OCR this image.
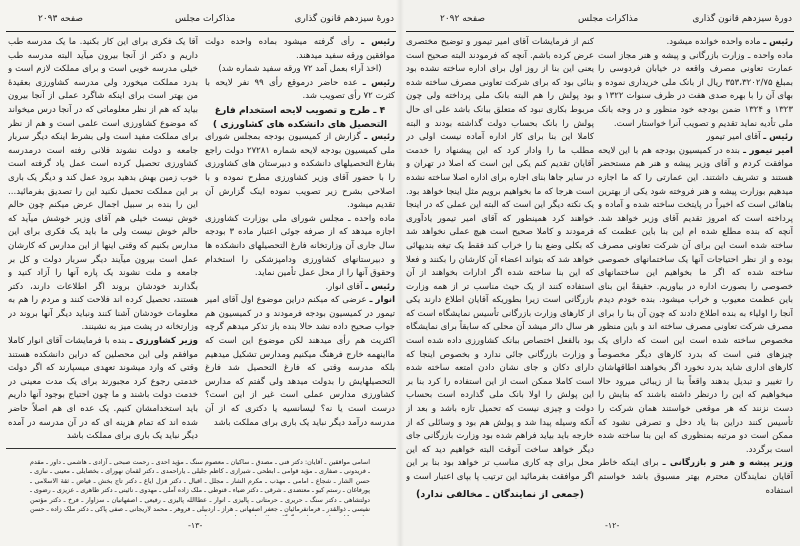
دورهٔ سیزدهم قانون گذاری
مذاکرات مجلس
صفحه ۲۰۹۳

رئیس ـ رأی گرفته میشود بماده واحده دولت موافقین ورقه سفید میدهند.

(اخذ آراء بعمل آمد ۷۲ ورقه سفید شماره شد)

رئیس ـ عده حاضر درموقع رأی ۹۹ نفر لایحه با کثرت ۷۲ رأی تصویب شد.

۴ ـ طرح و تصویب لایحه استخدام فارغ التحصیل های دانشکده های کشاورزی )

رئیس ـ گزارش از کمیسیون بودجه بمجلس شورای ملی کمیسیون بودجه لایحه شماره ۲۷۲۸۱ دولت راجع بفارغ التحصیلهای دانشکده و دبیرستان های کشاورزی را با حضور آقای وزیر کشاورزی مطرح نموده و با اصلاحی بشرح زیر تصویب نموده اینک گزارش آن تقدیم میشود.

ماده واحده ـ مجلس شورای ملی بوزارت کشاورزی اجازه میدهد که از صرفه جوئی اعتبار ماده ۳ بودجه سال جاری آن وزارتخانه فارغ التحصیلهای دانشکده ها و دبیرستانهای کشاورزی ودامپزشکی را استخدام وحقوق آنها را از محل عمل تأمین نماید.

رئیس ـ آقای انوار.

انوار ـ عرضی که میکنم دراین موضوع اول آقای امیر تیمور در کمیسیون بودجه فرمودند و در کمیسیون هم جواب صحیح داده نشد حالا بنده باز تذکر میدهم گرچه اکثریت هم رأی میدهند لکن موضوع این است که مااینهمه خارج فرهنگ میکنیم ومدارس تشکیل میدهیم بلکه مدرسه وقتی که فارغ التحصیل شد فارغ التحصیلهایش را بدولت میدهد ولی گفتم که مدارس کشاورزی مدارس عملی است غیر از این است؟ درست است یا نه؟ لیسانسیه یا دکتری که از آن مدرسه درآمد دیگر نباید یک باری برای مملکت باشد

آقا یک فکری برای این کار بکنید. ما یک مدرسه طب داریم و دکتر از آنجا بیرون میآید البته مدرسه طب خیلی مدرسه خوبی است و برای مملکت لازم است و بدرد مملکت میخورد ولی مدرسه کشاورزی بعقیدهٔ من بهتر است برای اینکه شاگرد عملی از آنجا بیرون بیاید که هم از نظر معلوماتی که در آنجا درس میخواند که موضوع کشاورزی است علمی است و هم از نظر برای مملکت مفید است ولی بشرط اینکه دیگر سربار جامعه و دولت نشوند فلانی رفته است درمدرسه کشاورزی تحصیل کرده است عمل یاد گرفته است خوب زمین بهش بدهید برود عمل کند و دیگر یک باری بر این مملکت تحمیل نکنید این را تصدیق بفرمائید... این را بنده بر سبیل اجمال عرض میکنم چون حالم خوش نیست خیلی هم آقای وزیر خوشش میآید که حالم خوش نیست ولی ما باید یک فکری برای این مدارس بکنیم که وقتی اینها از این مدارس که کارشان عمل است بیرون میآیند دیگر سربار دولت و کل بر جامعه و ملت نشوند یک پاره آنها را آزاد کنید و بگذارند خودشان بروند اگر اطلاعات دارند، دکتر هستند، تحصیل کرده اند فلاحت کنند و مردم را هم به معلومات خودشان آشنا کنند ونباید دیگر آنها بروند در وزارتخانه در پشت میز به نشینند.

وزیر کشاورزی ـ بنده با فرمایشات آقای انوار کاملا موافقم ولی این محصلین که دراین دانشکده هستند وقتی که وارد میشوند تعهدی میسپارند که اگر دولت خدمتی رجوع کرد مجبورند برای یک مدت معینی در خدمت دولت باشند و ما چون احتیاج بوجود آنها داریم باید استخدامشان کنیم. یک عده ای هم اصلاً حاضر شده اند که تمام هزینه ای که در آن مدرسه در آمده دیگر نباید یک باری برای مملکت باشد

اسامی موافقین ـ آقایان: دکتر فنی ـ مصدق ـ ساکیان ـ معصوم سنگ ـ مؤید احدی ـ رحمت صبحی ـ آزادی ـ هاشمی ـ داور ـ مقدم ـ فریدونی ـ صفاری ـ مؤید قوامی ـ ابطحی ـ شیرازی ـ کاظم جلیلی ـ یاراحمدی ـ دکتر لقمان نهورای ـ بخضایلی ـ معینی ـ نبازی ـ حسن الشار ـ شجاع ـ امامی ـ مهذب ـ مکرم الشار ـ مجلل ـ اقبال ـ دکتر قزل ایاغ ـ دکتر تاج بخش ـ فیاض ـ ثقة الاسلامی ـ پورفاغان ـ رستم کیو ـ معتضدی ـ شرقی ـ دکتر ضیاء ـ قنوطی ـ ملک زاده آملی ـ مهدوی ـ نائینی ـ دکتر طاهری ـ عزیزی ـ رضوی ـ دولتشاهی ـ دکتر سنگ ـ حریری ـ حرمتانی ـ پالیزی ـ انوار ـ عطاالله پالیزی ـ رفیعی ـ اصفهانیان ـ سزاوار ـ فرخ ـ دکتر مؤتمن نفیسی ـ ذوالقدر ـ فرمانفرمائیان ـ جعفر اصفهانی ـ هراز ـ اردبیلی ـ فروهر ـ محمد لاریجانی ـ صفی پاکی ـ دکتر ملک زاده ـ حسن
-۱۳-
دورهٔ سیزدهم قانون گذاری
مذاکرات مجلس
صفحه ۲۰۹۲

رئیس ـ ماده واحده خوانده میشود.

ماده واحده ـ وزارت بازرگانی و پیشه و هنر مجاز است عمارت تعاونی مصرف واقعه در خیابان فردوسی را بمبلغ ۳۵۳،۳۲۰۲/۷۵ ریال از بانک ملی خریداری نموده و بهای آن را با بهره صدی هفت در ظرف سنوات ۱۳۲۲ و ۱۳۲۳ و ۱۳۲۴ ضمن بودجه خود منظور و در وجه بانک ملی تأدیه نماید تقدیم و تصویب آنرا خواستار است.

رئیس ـ آقای امیر تیمور

امیر تیمور ـ بنده در کمیسیون بودجه هم با این لایحه موافقت کردم و آقای وزیر پیشه و هنر هم مستحضر هستند و تشریف داشتند. این عمارتی را که ما اجازه میدهیم بوزارت پیشه و هنر فروخته شود یکی از بهترین بناهائی است که اخیراً در پایتخت ساخته شده و آماده و پرداخته است که امروز تقدیم آقای وزیر خواهد شد. آنچه که بنده مطلع شده ام این بنا باین عظمت که ساخته شده است این برای آن شرکت تعاونی مصرف بوده و از نظر احتیاجات آنها یک ساختمانهای خصوصی ساخته شده که اگر ما بخواهیم این ساختمانهای خصوصی را بصورت اداره در بیاوریم. حقیقةً این بنای باین عظمت معیوب و خراب میشود. بنده خودم دیدم آنجا را اولیاء به بنده اطلاع دادند که چون آن بنا را برای مصرف شرکت تعاونی مصرف ساخته اند و باین منظور مخصوص ساخته شده است این است که دارای یک چیزهای فنی است که بدرد کارهای دیگر مخصوصاً کارهای اداری شاید بدرد نخورد اگر بخواهند اطاقهاشان را تغییر و تبدیل بدهند واقعاً بنا از زیبائی میرود حالا میخواهیم که این را درنظر داشته باشند که بنایش را دست نزنند که هر موقعی خواستند همان شرکت را تأسیس کنند دراین بنا یاد دخل و تصرفی نشود که ممکن است دو مرتبه بمنظوری که این بنا ساخته شده است برگردد.

وزیر پیشه و هنر و بازرگانی ـ برای اینکه خاطر آقایان نمایندگان محترم بهتر مسبوق باشد خواستم استفاده

کنم از فرمایشات آقای امیر تیمور و توضیح مختصری عرض کرده باشم. آنچه که فرمودند البته صحیح است یعنی این بنا از روز اول برای اداره ساخته نشده بود بنائی بود که برای شرکت تعاونی مصرف ساخته شده بود پولش را هم البته بانک ملی پرداخته ولی چون مربوط بکاری نبود که متعلق ببانک باشد علی ای حال پولش را بانک بحساب دولت گذاشته بودند و البته کاملا این بنا برای کار اداره آماده نیست اولی در مطلب ما را وادار کرد که این پیشنهاد را خدمت آقایان تقدیم کنم یکی این است که اصلا در تهران و در سایر جاها بنای اجاره برای اداره اصلا ساخته نشده است هرجا که ما بخواهیم برویم مثل اینجا خواهد بود. یک نکته دیگر این است که البته این عملی که در اینجا خواهند کرد همینطور که آقای امیر تیمور یادآوری فرمودند و کاملا صحیح است هیچ عملی نخواهد شد که بکلی وضع بنا را خراب کند فقط یک تیغه بندیهائی خواهد شد که بتواند اعضاء آن کارشان را بکنند و فعلا که این بنا ساخته شده اگر ادارات بخواهند از آن استفاده کنند از یک حیث مناسب تر از همه وزارت بازرگانی است زیرا بطوریکه آقایان اطلاع دارند یکی از کارهای وزارت بازرگانی تأسیس نمایشگاه است که هر سال دائر میشد آن محلی که سابقاً برای نمایشگاه بود بالفعل اختصاص ببانک کشاورزی داده شده است و وزارت بازرگانی جائی ندارد و بخصوص اینجا که دارای دکان و جای نشان دادن امتعه ساخته شده است کاملا ممکن است از این استفاده را کرد بنا بر این پولش را اولا بانک ملی گذارده است بحساب دولت و چیزی نیست که تحمیل تازه باشد و بعد از آنکه وسیله پیدا شد و پولش هم بود و وسائلی که از خارجه باید بیاید فراهم شده بود وزارت بازرگانی جای دیگر خواهد ساخت آنوقت البته خواهیم دید که این محل برای چه کاری مناسب تر خواهد بود بنا بر این اگر موافقت بفرمائید این ترتیب پا بپای اعتبار است و

(جمعی از نمایندگان ـ مخالفی ندارد)
-۱۲-
